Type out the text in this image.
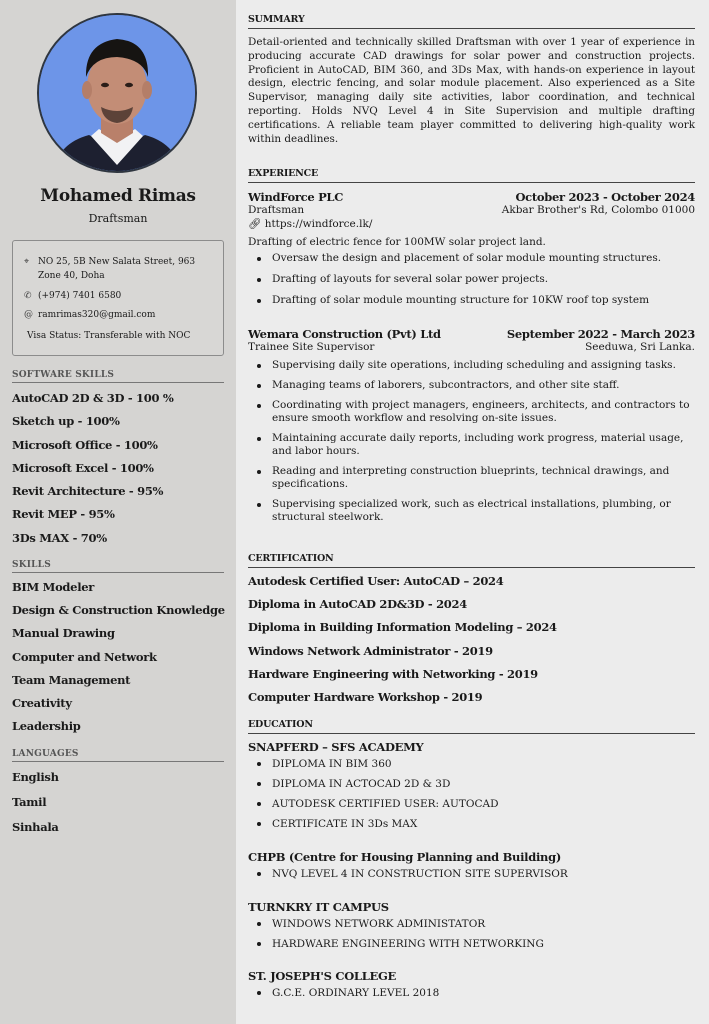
Mohamed Rimas
Draftsman
⌖ NO 25, 5B New Salata Street, 963 Zone 40, Doha
✆ (+974) 7401 6580
@ ramrimas320@gmail.com
Visa Status: Transferable with NOC
SOFTWARE SKILLS
AutoCAD 2D & 3D - 100 %
Sketch up - 100%
Microsoft Office - 100%
Microsoft Excel - 100%
Revit Architecture - 95%
Revit MEP - 95%
3Ds MAX - 70%
SKILLS
BIM Modeler
Design & Construction Knowledge
Manual Drawing
Computer and Network
Team Management
Creativity
Leadership
LANGUAGES
English
Tamil
Sinhala
SUMMARY

Detail-oriented and technically skilled Draftsman with over 1 year of experience in producing accurate CAD drawings for solar power and construction projects. Proficient in AutoCAD, BIM 360, and 3Ds Max, with hands-on experience in layout design, electric fencing, and solar module placement. Also experienced as a Site Supervisor, managing daily site activities, labor coordination, and technical reporting. Holds NVQ Level 4 in Site Supervision and multiple drafting certifications. A reliable team player committed to delivering high-quality work within deadlines.

EXPERIENCE
WindForce PLC	October 2023 - October 2024
Draftsman	Akbar Brother's Rd, Colombo 01000
🔗︎ https://windforce.lk/
Drafting of electric fence for 100MW solar project land.
Oversaw the design and placement of solar module mounting structures.
Drafting of layouts for several solar power projects.
Drafting of solar module mounting structure for 10KW roof top system
Wemara Construction (Pvt) Ltd	September 2022 - March 2023
Trainee Site Supervisor	Seeduwa, Sri Lanka.
Supervising daily site operations, including scheduling and assigning tasks.
Managing teams of laborers, subcontractors, and other site staff.
Coordinating with project managers, engineers, architects, and contractors to ensure smooth workflow and resolving on-site issues.
Maintaining accurate daily reports, including work progress, material usage, and labor hours.
Reading and interpreting construction blueprints, technical drawings, and specifications.
Supervising specialized work, such as electrical installations, plumbing, or structural steelwork.
CERTIFICATION
Autodesk Certified User: AutoCAD – 2024
Diploma in AutoCAD 2D&3D - 2024
Diploma in Building Information Modeling – 2024
Windows Network Administrator - 2019
Hardware Engineering with Networking - 2019
Computer Hardware Workshop - 2019
EDUCATION
SNAPFERD – SFS ACADEMY
DIPLOMA IN BIM 360
DIPLOMA IN ACTOCAD 2D & 3D
AUTODESK CERTIFIED USER: AUTOCAD
CERTIFICATE IN 3Ds MAX
CHPB (Centre for Housing Planning and Building)
NVQ LEVEL 4 IN CONSTRUCTION SITE SUPERVISOR
TURNKRY IT CAMPUS
WINDOWS NETWORK ADMINISTATOR
HARDWARE ENGINEERING WITH NETWORKING
ST. JOSEPH'S COLLEGE
G.C.E. ORDINARY LEVEL 2018
